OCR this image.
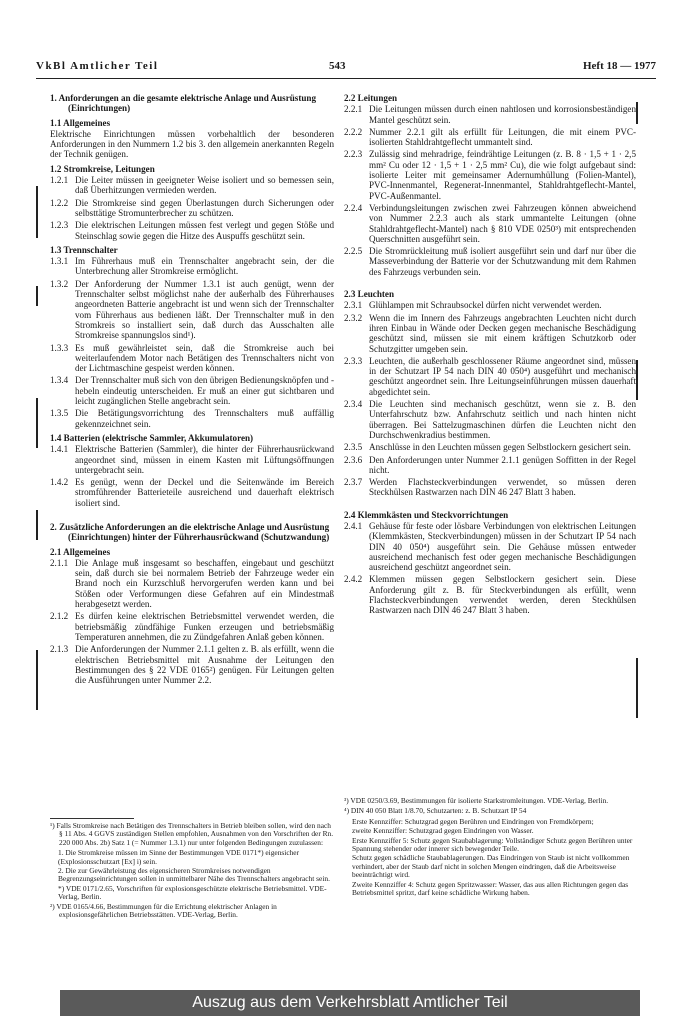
VkBl Amtlicher Teil	543	Heft 18 — 1977
1. Anforderungen an die gesamte elektrische Anlage und Ausrüstung (Einrichtungen)
1.1 Allgemeines
Elektrische Einrichtungen müssen vorbehaltlich der besonderen Anforderungen in den Nummern 1.2 bis 3. den allgemein anerkannten Regeln der Technik genügen.
1.2 Stromkreise, Leitungen
1.2.1 Die Leiter müssen in geeigneter Weise isoliert und so bemessen sein, daß Überhitzungen vermieden werden.
1.2.2 Die Stromkreise sind gegen Überlastungen durch Sicherungen oder selbsttätige Stromunterbrecher zu schützen.
1.2.3 Die elektrischen Leitungen müssen fest verlegt und gegen Stöße und Steinschlag sowie gegen die Hitze des Auspuffs geschützt sein.
1.3 Trennschalter
1.3.1 Im Führerhaus muß ein Trennschalter angebracht sein, der die Unterbrechung aller Stromkreise ermöglicht.
1.3.2 Der Anforderung der Nummer 1.3.1 ist auch genügt, wenn der Trennschalter selbst möglichst nahe der außerhalb des Führerhauses angeordneten Batterie angebracht ist und wenn sich der Trennschalter vom Führerhaus aus bedienen läßt. Der Trennschalter muß in den Stromkreis so installiert sein, daß durch das Ausschalten alle Stromkreise spannungslos sind¹).
1.3.3 Es muß gewährleistet sein, daß die Stromkreise auch bei weiterlaufendem Motor nach Betätigen des Trennschalters nicht von der Lichtmaschine gespeist werden können.
1.3.4 Der Trennschalter muß sich von den übrigen Bedienungsknöpfen und -hebeln eindeutig unterscheiden. Er muß an einer gut sichtbaren und leicht zugänglichen Stelle angebracht sein.
1.3.5 Die Betätigungsvorrichtung des Trennschalters muß auffällig gekennzeichnet sein.
1.4 Batterien (elektrische Sammler, Akkumulatoren)
1.4.1 Elektrische Batterien (Sammler), die hinter der Führerhausrückwand angeordnet sind, müssen in einem Kasten mit Lüftungsöffnungen untergebracht sein.
1.4.2 Es genügt, wenn der Deckel und die Seitenwände im Bereich stromführender Batterieteile ausreichend und dauerhaft elektrisch isoliert sind.
2. Zusätzliche Anforderungen an die elektrische Anlage und Ausrüstung (Einrichtungen) hinter der Führerhausrückwand (Schutzwandung)
2.1 Allgemeines
2.1.1 Die Anlage muß insgesamt so beschaffen, eingebaut und geschützt sein, daß durch sie bei normalem Betrieb der Fahrzeuge weder ein Brand noch ein Kurzschluß hervorgerufen werden kann und bei Stößen oder Verformungen diese Gefahren auf ein Mindestmaß herabgesetzt werden.
2.1.2 Es dürfen keine elektrischen Betriebsmittel verwendet werden, die betriebsmäßig zündfähige Funken erzeugen und betriebsmäßig Temperaturen annehmen, die zu Zündgefahren Anlaß geben können.
2.1.3 Die Anforderungen der Nummer 2.1.1 gelten z. B. als erfüllt, wenn die elektrischen Betriebsmittel mit Ausnahme der Leitungen den Bestimmungen des § 22 VDE 0165²) genügen. Für Leitungen gelten die Ausführungen unter Nummer 2.2.
2.2 Leitungen
2.2.1 Die Leitungen müssen durch einen nahtlosen und korrosionsbeständigen Mantel geschützt sein.
2.2.2 Nummer 2.2.1 gilt als erfüllt für Leitungen, die mit einem PVC-isolierten Stahldrahtgeflecht ummantelt sind.
2.2.3 Zulässig sind mehradrige, feindrähtige Leitungen (z. B. 8 · 1,5 + 1 · 2,5 mm² Cu oder 12 · 1,5 + 1 · 2,5 mm² Cu), die wie folgt aufgebaut sind: isolierte Leiter mit gemeinsamer Adernumhüllung (Folien-Mantel), PVC-Innenmantel, Regenerat-Innenmantel, Stahldrahtgeflecht-Mantel, PVC-Außenmantel.
2.2.4 Verbindungsleitungen zwischen zwei Fahrzeugen können abweichend von Nummer 2.2.3 auch als stark ummantelte Leitungen (ohne Stahldrahtgeflecht-Mantel) nach § 810 VDE 0250³) mit entsprechenden Querschnitten ausgeführt sein.
2.2.5 Die Stromrückleitung muß isoliert ausgeführt sein und darf nur über die Masseverbindung der Batterie vor der Schutzwandung mit dem Rahmen des Fahrzeugs verbunden sein.
2.3 Leuchten
2.3.1 Glühlampen mit Schraubsockel dürfen nicht verwendet werden.
2.3.2 Wenn die im Innern des Fahrzeugs angebrachten Leuchten nicht durch ihren Einbau in Wände oder Decken gegen mechanische Beschädigung geschützt sind, müssen sie mit einem kräftigen Schutzkorb oder Schutzgitter umgeben sein.
2.3.3 Leuchten, die außerhalb geschlossener Räume angeordnet sind, müssen in der Schutzart IP 54 nach DIN 40 050⁴) ausgeführt und mechanisch geschützt angeordnet sein. Ihre Leitungseinführungen müssen dauerhaft abgedichtet sein.
2.3.4 Die Leuchten sind mechanisch geschützt, wenn sie z. B. den Unterfahrschutz bzw. Anfahrschutz seitlich und nach hinten nicht überragen. Bei Sattelzugmaschinen dürfen die Leuchten nicht den Durchschwenkradius bestimmen.
2.3.5 Anschlüsse in den Leuchten müssen gegen Selbstlockern gesichert sein.
2.3.6 Den Anforderungen unter Nummer 2.1.1 genügen Soffitten in der Regel nicht.
2.3.7 Werden Flachsteckverbindungen verwendet, so müssen deren Steckhülsen Rastwarzen nach DIN 46 247 Blatt 3 haben.
2.4 Klemmkästen und Steckvorrichtungen
2.4.1 Gehäuse für feste oder lösbare Verbindungen von elektrischen Leitungen (Klemmkästen, Steckverbindungen) müssen in der Schutzart IP 54 nach DIN 40 050⁴) ausgeführt sein. Die Gehäuse müssen entweder ausreichend mechanisch fest oder gegen mechanische Beschädigungen ausreichend geschützt angeordnet sein.
2.4.2 Klemmen müssen gegen Selbstlockern gesichert sein. Diese Anforderung gilt z. B. für Steckverbindungen als erfüllt, wenn Flachsteckverbindungen verwendet werden, deren Steckhülsen Rastwarzen nach DIN 46 247 Blatt 3 haben.
¹) Falls Stromkreise nach Betätigen des Trennschalters in Betrieb bleiben sollen, wird den nach § 11 Abs. 4 GGVS zuständigen Stellen empfohlen, Ausnahmen von den Vorschriften der Rn. 220 000 Abs. 2b) Satz 1 (= Nummer 1.3.1) nur unter folgenden Bedingungen zuzulassen:
1. Die Stromkreise müssen im Sinne der Bestimmungen VDE 0171*) eigensicher (Explosionsschutzart [Ex] i) sein.
2. Die zur Gewährleistung des eigensicheren Stromkreises notwendigen Begrenzungseinrichtungen sollen in unmittelbarer Nähe des Trennschalters angebracht sein.
*) VDE 0171/2.65, Vorschriften für explosionsgeschützte elektrische Betriebsmittel. VDE-Verlag, Berlin.
²) VDE 0165/4.66, Bestimmungen für die Errichtung elektrischer Anlagen in explosionsgefährlichen Betriebsstätten. VDE-Verlag, Berlin.
³) VDE 0250/3.69, Bestimmungen für isolierte Starkstromleitungen. VDE-Verlag, Berlin.
⁴) DIN 40 050 Blatt 1/8.70, Schutzarten: z. B. Schutzart IP 54
Erste Kennziffer: Schutzgrad gegen Berühren und Eindringen von Fremdkörpern;
zweite Kennziffer: Schutzgrad gegen Eindringen von Wasser.
Erste Kennziffer 5: Schutz gegen Staubablagerung: Vollständiger Schutz gegen Berühren unter Spannung stehender oder innerer sich bewegender Teile.
Schutz gegen schädliche Staubablagerungen. Das Eindringen von Staub ist nicht vollkommen verhindert, aber der Staub darf nicht in solchen Mengen eindringen, daß die Arbeitsweise beeinträchtigt wird.
Zweite Kennziffer 4: Schutz gegen Spritzwasser: Wasser, das aus allen Richtungen gegen das Betriebsmittel spritzt, darf keine schädliche Wirkung haben.
Auszug aus dem Verkehrsblatt Amtlicher Teil
